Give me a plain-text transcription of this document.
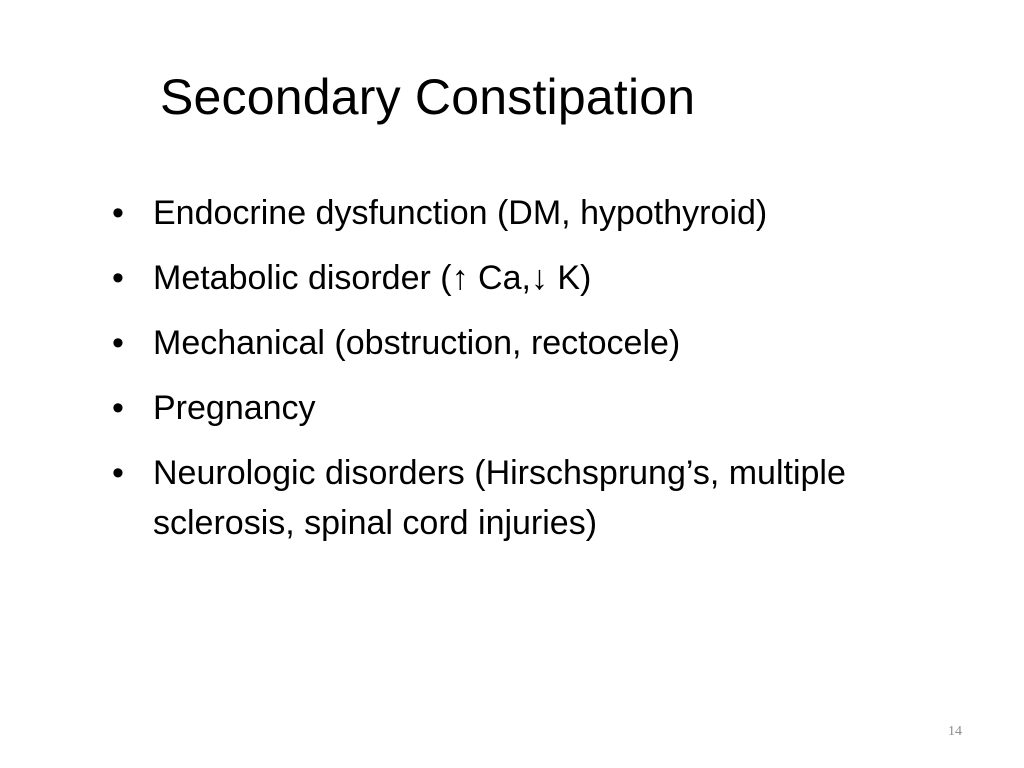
Secondary Constipation
• Endocrine dysfunction (DM, hypothyroid)
• Metabolic disorder (↑ Ca,↓ K)
• Mechanical (obstruction, rectocele)
• Pregnancy
• Neurologic disorders (Hirschsprung’s, multiple sclerosis, spinal cord injuries)
14
